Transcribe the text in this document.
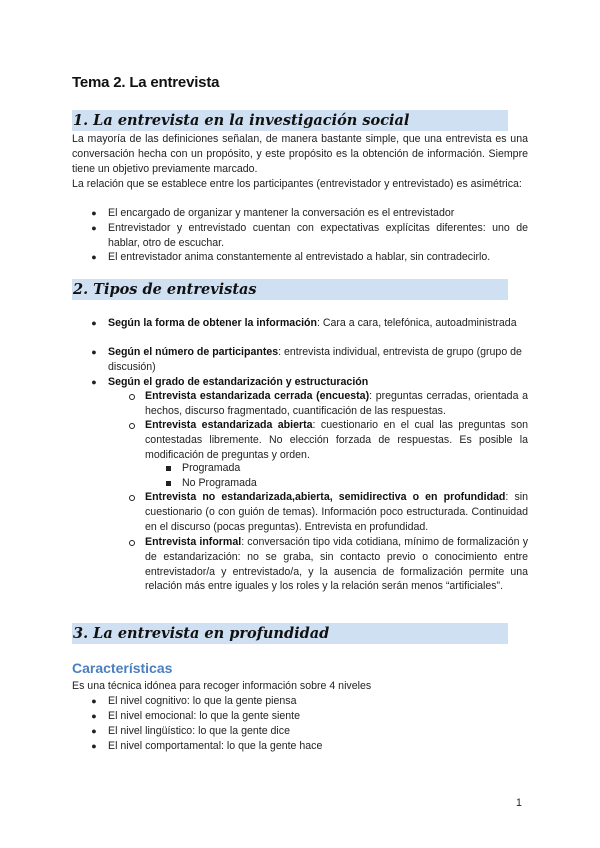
Tema 2. La entrevista
1. La entrevista en la investigación social
La mayoría de las definiciones señalan, de manera bastante simple, que una entrevista es una conversación hecha con un propósito, y este propósito es la obtención de información. Siempre tiene un objetivo previamente marcado.
La relación que se establece entre los participantes (entrevistador y entrevistado) es asimétrica:
● El encargado de organizar y mantener la conversación es el entrevistador
● Entrevistador y entrevistado cuentan con expectativas explícitas diferentes: uno de hablar, otro de escuchar.
● El entrevistador anima constantemente al entrevistado a hablar, sin contradecirlo.
2. Tipos de entrevistas
● Según la forma de obtener la información: Cara a cara, telefónica, autoadministrada
● Según el número de participantes: entrevista individual, entrevista de grupo (grupo de discusión)
● Según el grado de estandarización y estructuración
Entrevista estandarizada cerrada (encuesta): preguntas cerradas, orientada a hechos, discurso fragmentado, cuantificación de las respuestas.
Entrevista estandarizada abierta: cuestionario en el cual las preguntas son contestadas libremente. No elección forzada de respuestas. Es posible la modificación de preguntas y orden.
Programada
No Programada
Entrevista no estandarizada,abierta, semidirectiva o en profundidad: sin cuestionario (o con guión de temas). Información poco estructurada. Continuidad en el discurso (pocas preguntas). Entrevista en profundidad.
Entrevista informal: conversación tipo vida cotidiana, mínimo de formalización y de estandarización: no se graba, sin contacto previo o conocimiento entre entrevistador/a y entrevistado/a, y la ausencia de formalización permite una relación más entre iguales y los roles y la relación serán menos “artificiales”.
3. La entrevista en profundidad
Características
Es una técnica idónea para recoger información sobre 4 niveles
● El nivel cognitivo: lo que la gente piensa
● El nivel emocional: lo que la gente siente
● El nivel lingüístico: lo que la gente dice
● El nivel comportamental: lo que la gente hace
1
